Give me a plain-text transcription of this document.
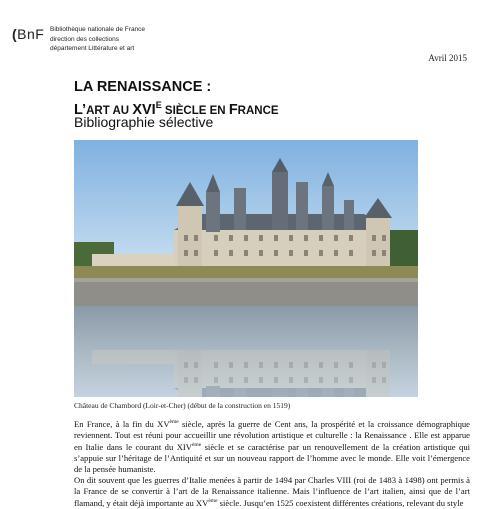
(BnF Bibliothèque nationale de France
direction des collections
département Littérature et art
Avril 2015
LA RENAISSANCE :
L’ART AU $XVI^E$ SIÈCLE EN FRANCE
Bibliographie sélective
Château de Chambord (Loir-et-Cher) (début de la construction en 1519)

En France, à la fin du XVème siècle, après la guerre de Cent ans, la prospérité et la croissance démographique reviennent. Tout est réuni pour accueillir une révolution artistique et culturelle : la Renaissance . Elle est apparue en Italie dans le courant du XIVème siècle et se caractérise par un renouvellement de la création artistique qui s’appuie sur l’héritage de l’Antiquité et sur un nouveau rapport de l’homme avec le monde. Elle voit l’émergence de la pensée humaniste.

On dit souvent que les guerres d’Italie menées à partir de 1494 par Charles VIII (roi de 1483 à 1498) ont permis à la France de se convertir à l’art de la Renaissance italienne. Mais l’influence de l’art italien, ainsi que de l’art flamand, y était déjà importante au XVème siècle. Jusqu’en 1525 coexistent différentes créations, relevant du style
